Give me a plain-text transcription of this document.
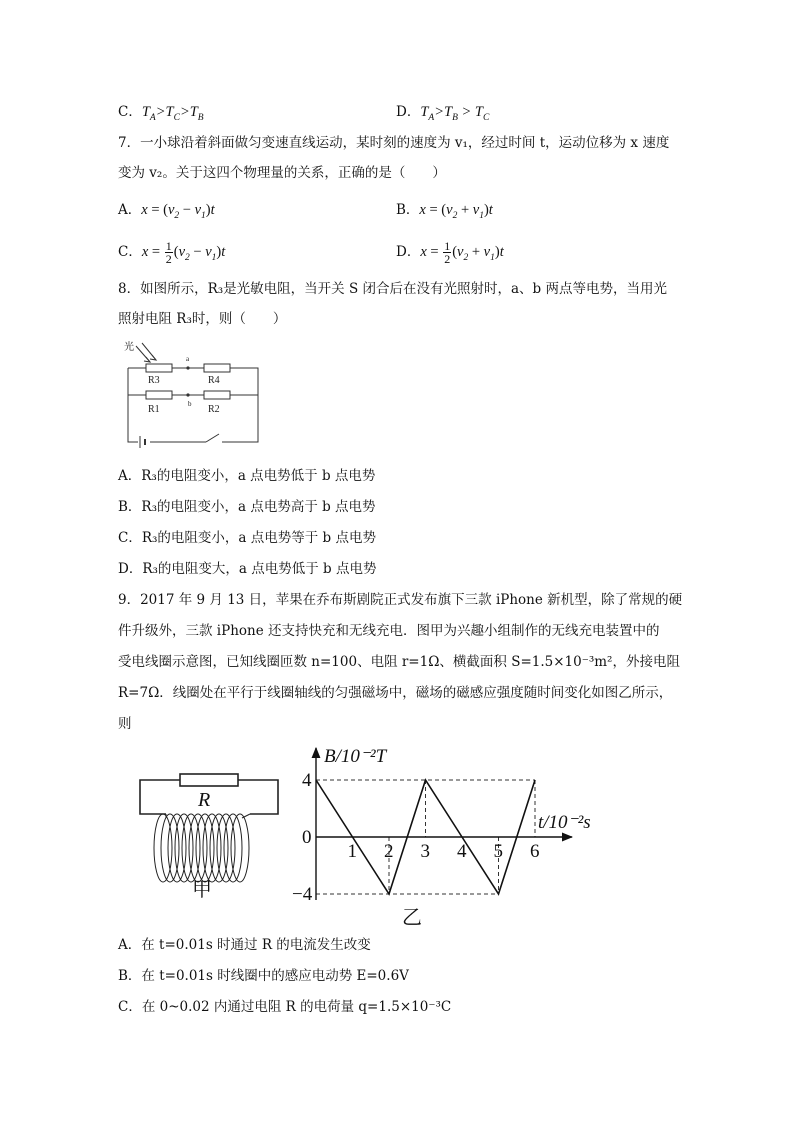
C．$T_A>T_C>T_B$	D．$T_A>T_B > T_C$
7．一小球沿着斜面做匀变速直线运动，某时刻的速度为 v₁，经过时间 t，运动位移为 x 速度
变为 v₂。关于这四个物理量的关系，正确的是（　　）
A．$x = (v_2 - v_1)t$	B．$x = (v_2 + v_1)t$
C．$x = \frac{1}{2} (v_2 - v_1)t$	D．$x = \frac{1}{2} (v_2 + v_1)t$
8．如图所示，R₃是光敏电阻，当开关 S 闭合后在没有光照射时，a、b 两点等电势，当用光
照射电阻 R₃时，则（　　）
光
a
b
R3	R4
R1	R2
A．R₃的电阻变小，a 点电势低于 b 点电势
B．R₃的电阻变小，a 点电势高于 b 点电势
C．R₃的电阻变小，a 点电势等于 b 点电势
D．R₃的电阻变大，a 点电势低于 b 点电势
9．2017 年 9 月 13 日，苹果在乔布斯剧院正式发布旗下三款 iPhone 新机型，除了常规的硬
件升级外，三款 iPhone 还支持快充和无线充电．图甲为兴趣小组制作的无线充电装置中的
受电线圈示意图，已知线圈匝数 n=100、电阻 r=1Ω、横截面积 S=1.5×10⁻³m²，外接电阻
R=7Ω．线圈处在平行于线圈轴线的匀强磁场中，磁场的磁感应强度随时间变化如图乙所示，
则
R
甲
B/10⁻²T
t/10⁻²s
0
1 2 3 4 5 6
4
−4
乙
A．在 t=0.01s 时通过 R 的电流发生改变
B．在 t=0.01s 时线圈中的感应电动势 E=0.6V
C．在 0~0.02 内通过电阻 R 的电荷量 q=1.5×10⁻³C
